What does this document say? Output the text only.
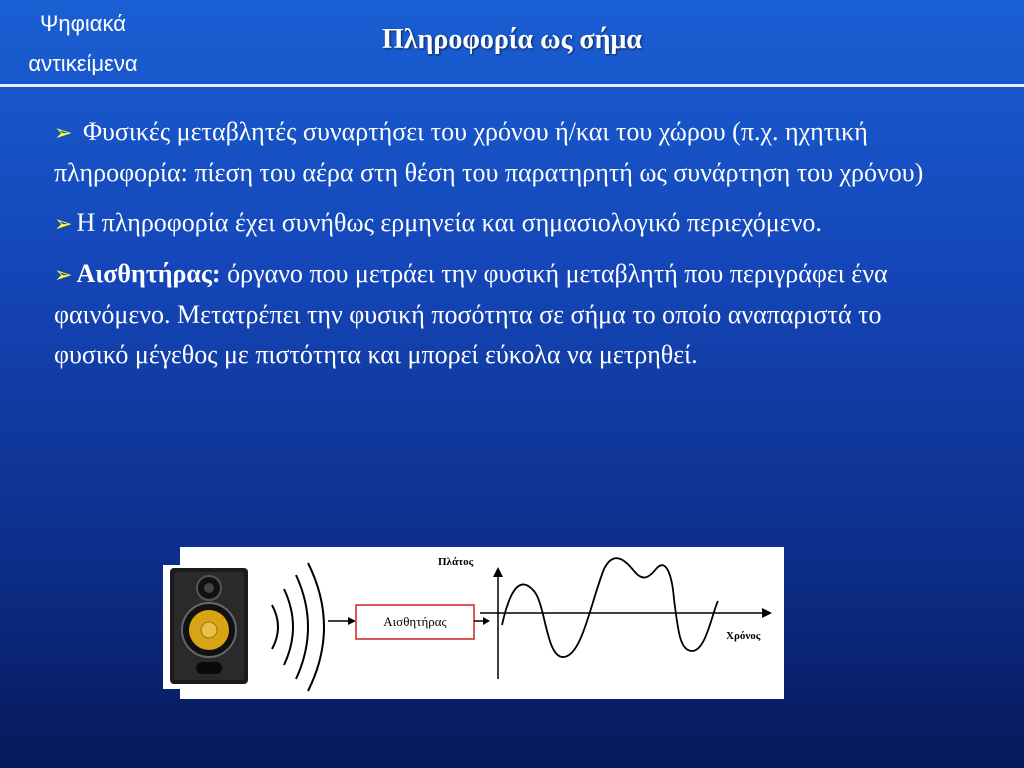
Ψηφιακά
αντικείμενα
Πληροφορία ως σήμα
➢ Φυσικές μεταβλητές συναρτήσει του χρόνου ή/και του χώρου (π.χ. ηχητική πληροφορία: πίεση του αέρα στη θέση του παρατηρητή ως συνάρτηση του χρόνου)
➢ Η πληροφορία έχει συνήθως ερμηνεία και σημασιολογικό περιεχόμενο.
➢ Αισθητήρας: όργανο που μετράει την φυσική μεταβλητή που περιγράφει ένα φαινόμενο. Μετατρέπει την φυσική ποσότητα σε σήμα το οποίο αναπαριστά το φυσικό μέγεθος με πιστότητα και μπορεί εύκολα να μετρηθεί.
Αισθητήρας
Πλάτος
Χρόνος
